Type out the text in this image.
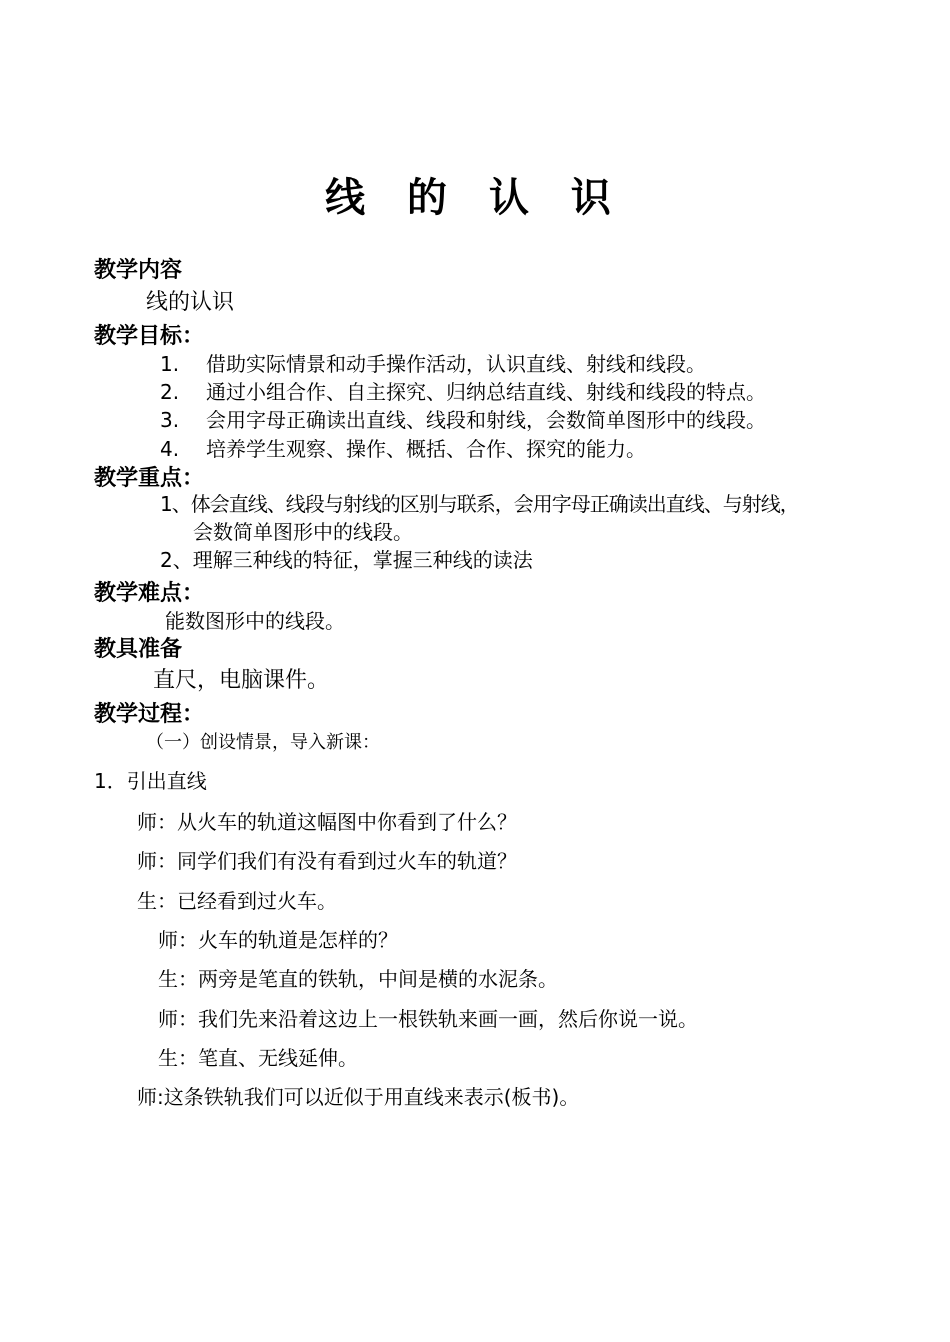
线 的 认 识
教学内容
线的认识
教学目标：
1. 借助实际情景和动手操作活动，认识直线、射线和线段。
2. 通过小组合作、自主探究、归纳总结直线、射线和线段的特点。
3. 会用字母正确读出直线、线段和射线，会数简单图形中的线段。
4. 培养学生观察、操作、概括、合作、探究的能力。
教学重点：
1、体会直线、线段与射线的区别与联系，会用字母正确读出直线、与射线，
会数简单图形中的线段。
2、理解三种线的特征，掌握三种线的读法
教学难点：
能数图形中的线段。
教具准备
直尺，电脑课件。
教学过程：
（一）创设情景，导入新课：
1．引出直线
师：从火车的轨道这幅图中你看到了什么？
师：同学们我们有没有看到过火车的轨道？
生：已经看到过火车。
师：火车的轨道是怎样的？
生：两旁是笔直的铁轨，中间是横的水泥条。
师：我们先来沿着这边上一根铁轨来画一画，然后你说一说。
生：笔直、无线延伸。
师:这条铁轨我们可以近似于用直线来表示(板书)。
